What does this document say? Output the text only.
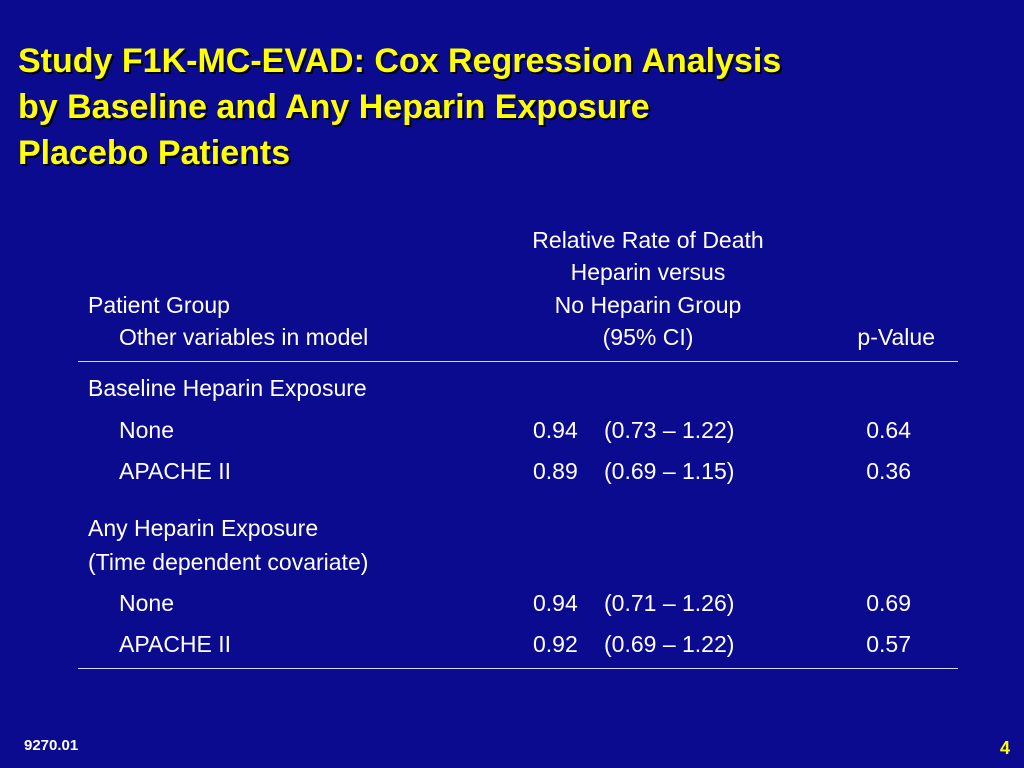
Study F1K-MC-EVAD: Cox Regression Analysis
by Baseline and Any Heparin Exposure
Placebo Patients
Relative Rate of Death
Heparin versus
Patient Group	No Heparin Group
Other variables in model	(95% CI)	p-Value
Baseline Heparin Exposure
None	0.94 (0.73 – 1.22)	0.64
APACHE II	0.89 (0.69 – 1.15)	0.36
Any Heparin Exposure
(Time dependent covariate)
None	0.94 (0.71 – 1.26)	0.69
APACHE II	0.92 (0.69 – 1.22)	0.57
9270.01	4
